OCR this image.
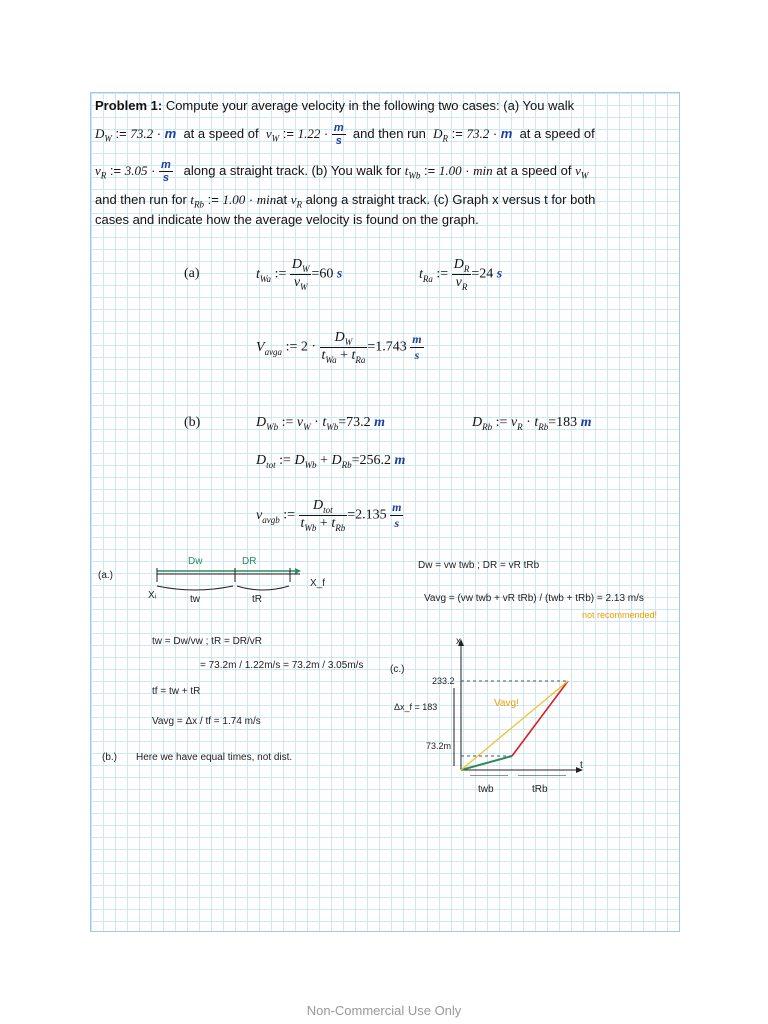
Problem 1: Compute your average velocity in the following two cases: (a) You walk
$D_W$ := 73.2 · m at a speed of $v_W$ := $1.22 \cdot \frac{m}{s}$ and then run $D_R$ := 73.2 · m at a speed of
$v_R$ := $3.05 \cdot \frac{m}{s}$ along a straight track. (b) You walk for $t_{Wb}$ := 1.00 · min at a speed of $v_W$
and then run for $t_{Rb}$ := 1.00 · minat $v_R$ along a straight track. (c) Graph x versus t for both
cases and indicate how the average velocity is found on the graph.
(a)	$t_{Wa}$ := $\frac{D_W}{v_W} =60$ s	$t_{Ra}$ := $\frac{D_R}{v_R} =24$ s
$V_{avga}$ := $2 \cdot \frac{D_W}{t_{Wa} + t_{Ra}} =1.743 \frac{m}{s}$
(b)	$D_{Wb}$ := $v_W \cdot t_{Wb}=73.2$ m	$D_{Rb}$ := $v_R \cdot t_{Rb}=183$ m
$D_{tot}$ := $D_{Wb} + D_{Rb}=256.2$ m
$v_{avgb}$ := $\frac{D_{tot}}{t_{Wb} + t_{Rb}} =2.135 \frac{m}{s}$
(a.)
Dw	DR
Xᵢ
X_f
tw	tR
tw = Dw/vw ; tR = DR/vR
= 73.2m / 1.22m/s = 73.2m / 3.05m/s
tf = tw + tR
Vavg = Δx / tf = 1.74 m/s
(b.) Here we have equal times, not dist.
Dw = vw twb ; DR = vR tRb
Vavg = (vw twb + vR tRb) / (twb + tRb) = 2.13 m/s
not recommended!
(c.)
x
t
233.2
73.2m
Δx_f = 183	Vavg!
twb	tRb
Non-Commercial Use Only
